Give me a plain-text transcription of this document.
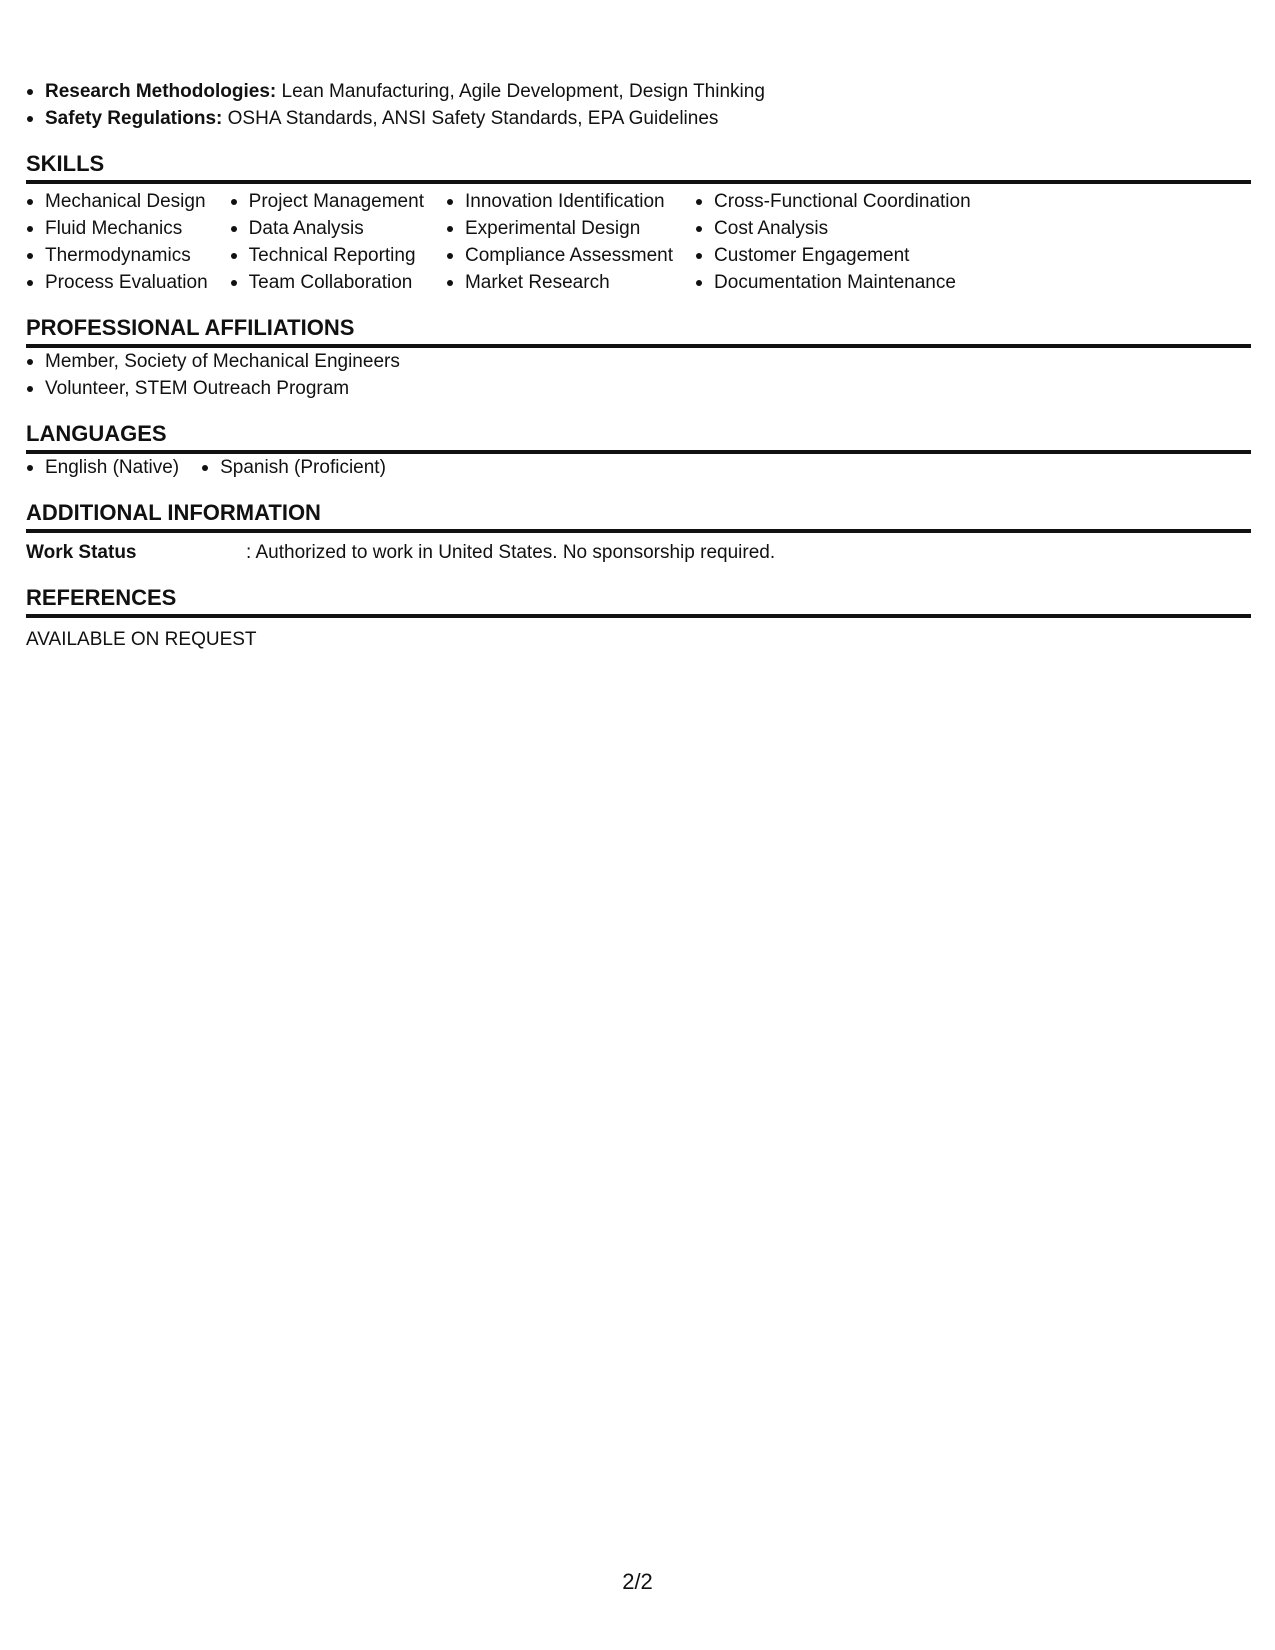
Research Methodologies: Lean Manufacturing, Agile Development, Design Thinking
Safety Regulations: OSHA Standards, ANSI Safety Standards, EPA Guidelines
SKILLS
Mechanical Design
Fluid Mechanics
Thermodynamics
Process Evaluation
Project Management
Data Analysis
Technical Reporting
Team Collaboration
Innovation Identification
Experimental Design
Compliance Assessment
Market Research
Cross-Functional Coordination
Cost Analysis
Customer Engagement
Documentation Maintenance
PROFESSIONAL AFFILIATIONS
Member, Society of Mechanical Engineers
Volunteer, STEM Outreach Program
LANGUAGES
English (Native)	Spanish (Proficient)
ADDITIONAL INFORMATION
Work Status	: Authorized to work in United States. No sponsorship required.
REFERENCES
AVAILABLE ON REQUEST
2/2
